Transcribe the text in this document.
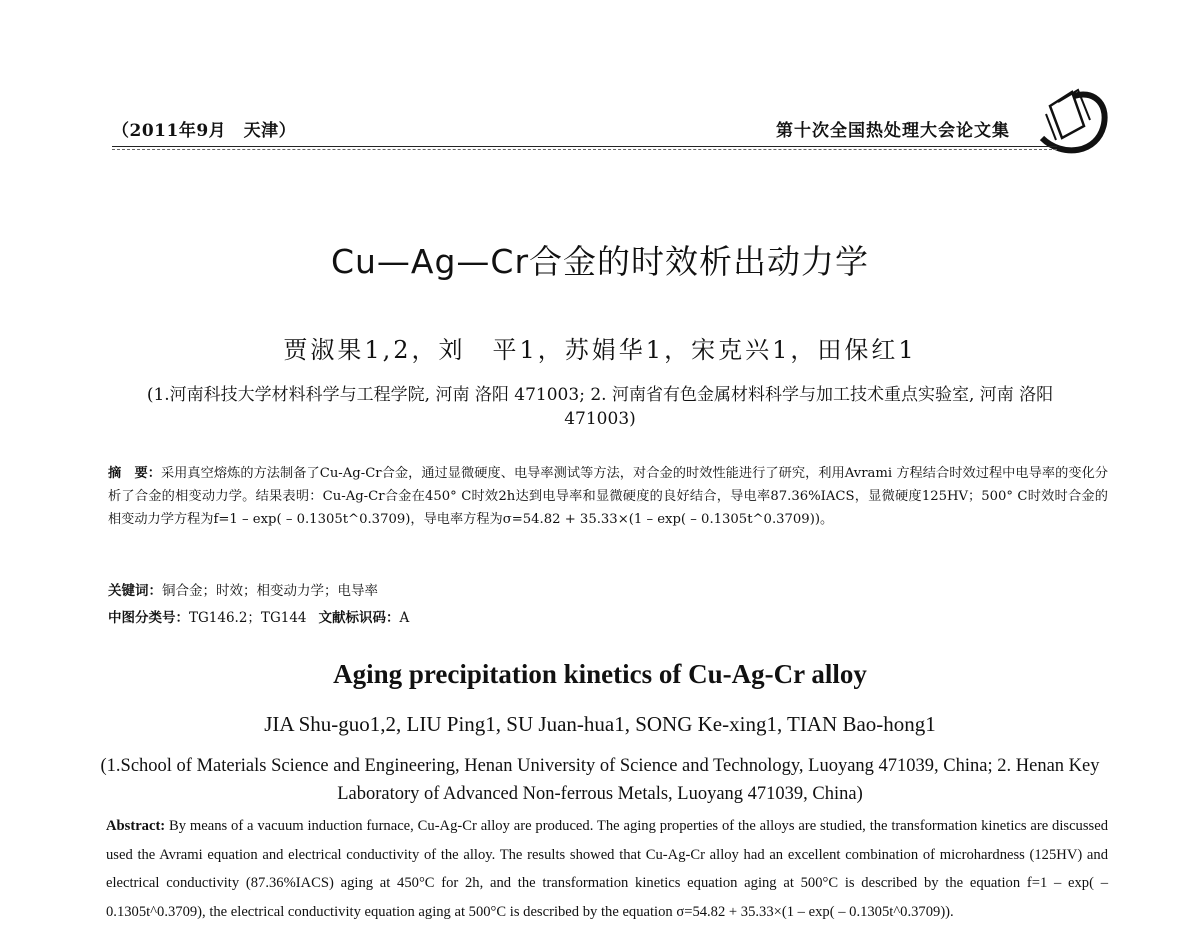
（2011年9月　天津）	第十次全国热处理大会论文集
Cu—Ag—Cr合金的时效析出动力学
贾淑果1,2，刘　平1，苏娟华1，宋克兴1，田保红1
(1.河南科技大学材料科学与工程学院, 河南 洛阳 471003; 2. 河南省有色金属材料科学与加工技术重点实验室, 河南 洛阳 471003)
摘　要：采用真空熔炼的方法制备了Cu-Ag-Cr合金，通过显微硬度、电导率测试等方法，对合金的时效性能进行了研究，利用Avrami 方程结合时效过程中电导率的变化分析了合金的相变动力学。结果表明：Cu-Ag-Cr合金在450° C时效2h达到电导率和显微硬度的良好结合，导电率87.36%IACS，显微硬度125HV；500° C时效时合金的相变动力学方程为f=1 – exp( – 0.1305t^0.3709)，导电率方程为σ=54.82 + 35.33×(1 – exp( – 0.1305t^0.3709))。
关键词：铜合金；时效；相变动力学；电导率
中图分类号：TG146.2；TG144 文献标识码：A
Aging precipitation kinetics of Cu-Ag-Cr alloy
JIA Shu-guo1,2, LIU Ping1, SU Juan-hua1, SONG Ke-xing1, TIAN Bao-hong1
(1.School of Materials Science and Engineering, Henan University of Science and Technology, Luoyang 471039, China; 2. Henan Key Laboratory of Advanced Non-ferrous Metals, Luoyang 471039, China)
Abstract: By means of a vacuum induction furnace, Cu-Ag-Cr alloy are produced. The aging properties of the alloys are studied, the transformation kinetics are discussed used the Avrami equation and electrical conductivity of the alloy. The results showed that Cu-Ag-Cr alloy had an excellent combination of microhardness (125HV) and electrical conductivity (87.36%IACS) aging at 450°C for 2h, and the transformation kinetics equation aging at 500°C is described by the equation f=1 – exp( – 0.1305t^0.3709), the electrical conductivity equation aging at 500°C is described by the equation σ=54.82 + 35.33×(1 – exp( – 0.1305t^0.3709)).
